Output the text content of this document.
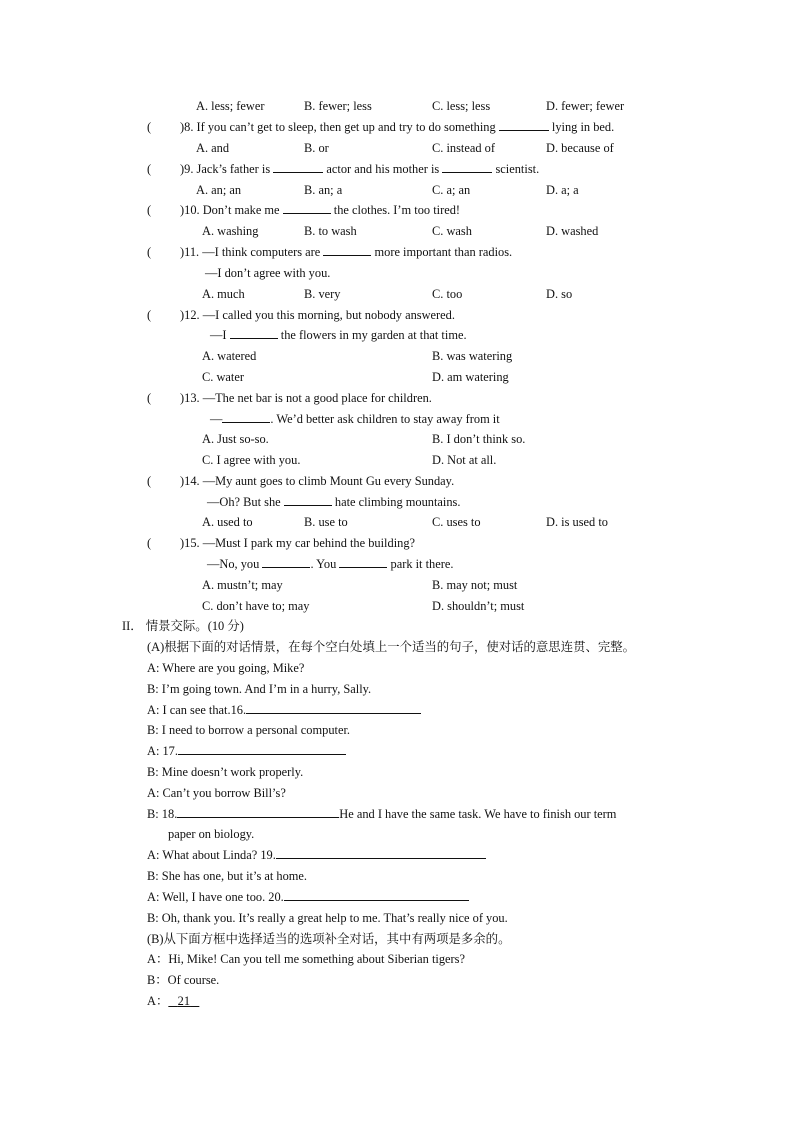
A. less; fewer	B. fewer; less	C. less; less	D. fewer; fewer
( )8. If you can’t get to sleep, then get up and try to do something	lying in bed.
A. and	B. or	C. instead of	D. because of
( )9. Jack’s father is	actor and his mother is	scientist.
A. an; an	B. an; a	C. a; an	D. a; a
( )10. Don’t make me	the clothes. I’m too tired!
A. washing	B. to wash	C. wash	D. washed
( )11. —I think computers are	more important than radios.
—I don’t agree with you.
A. much	B. very	C. too	D. so
( )12. —I called you this morning, but nobody answered.
—I	the flowers in my garden at that time.
A. watered	B. was watering
C. water	D. am watering
( )13. —The net bar is not a good place for children.
—	. We’d better ask children to stay away from it
A. Just so-so.	B. I don’t think so.
C. I agree with you.	D. Not at all.
( )14. —My aunt goes to climb Mount Gu every Sunday.
—Oh? But she	hate climbing mountains.
A. used to	B. use to	C. uses to	D. is used to
( )15. —Must I park my car behind the building?
—No, you	. You	park it there.
A. mustn’t; may	B. may not; must
C. don’t have to; may	D. shouldn’t; must
II． 情景交际。(10 分)
(A)根据下面的对话情景，在每个空白处填上一个适当的句子，使对话的意思连贯、完整。
A: Where are you going, Mike?
B: I’m going town. And I’m in a hurry, Sally.
A: I can see that.16.
B: I need to borrow a personal computer.
A: 17.
B: Mine doesn’t work properly.
A: Can’t you borrow Bill’s?
B: 18.	He and I have the same task. We have to finish our term
paper on biology.
A: What about Linda? 19.
B: She has one, but it’s at home.
A: Well, I have one too. 20.
B: Oh, thank you. It’s really a great help to me. That’s really nice of you.
(B)从下面方框中选择适当的选项补全对话，其中有两项是多余的。
A：Hi, Mike! Can you tell me something about Siberian tigers?
B：Of course.
A： 21
